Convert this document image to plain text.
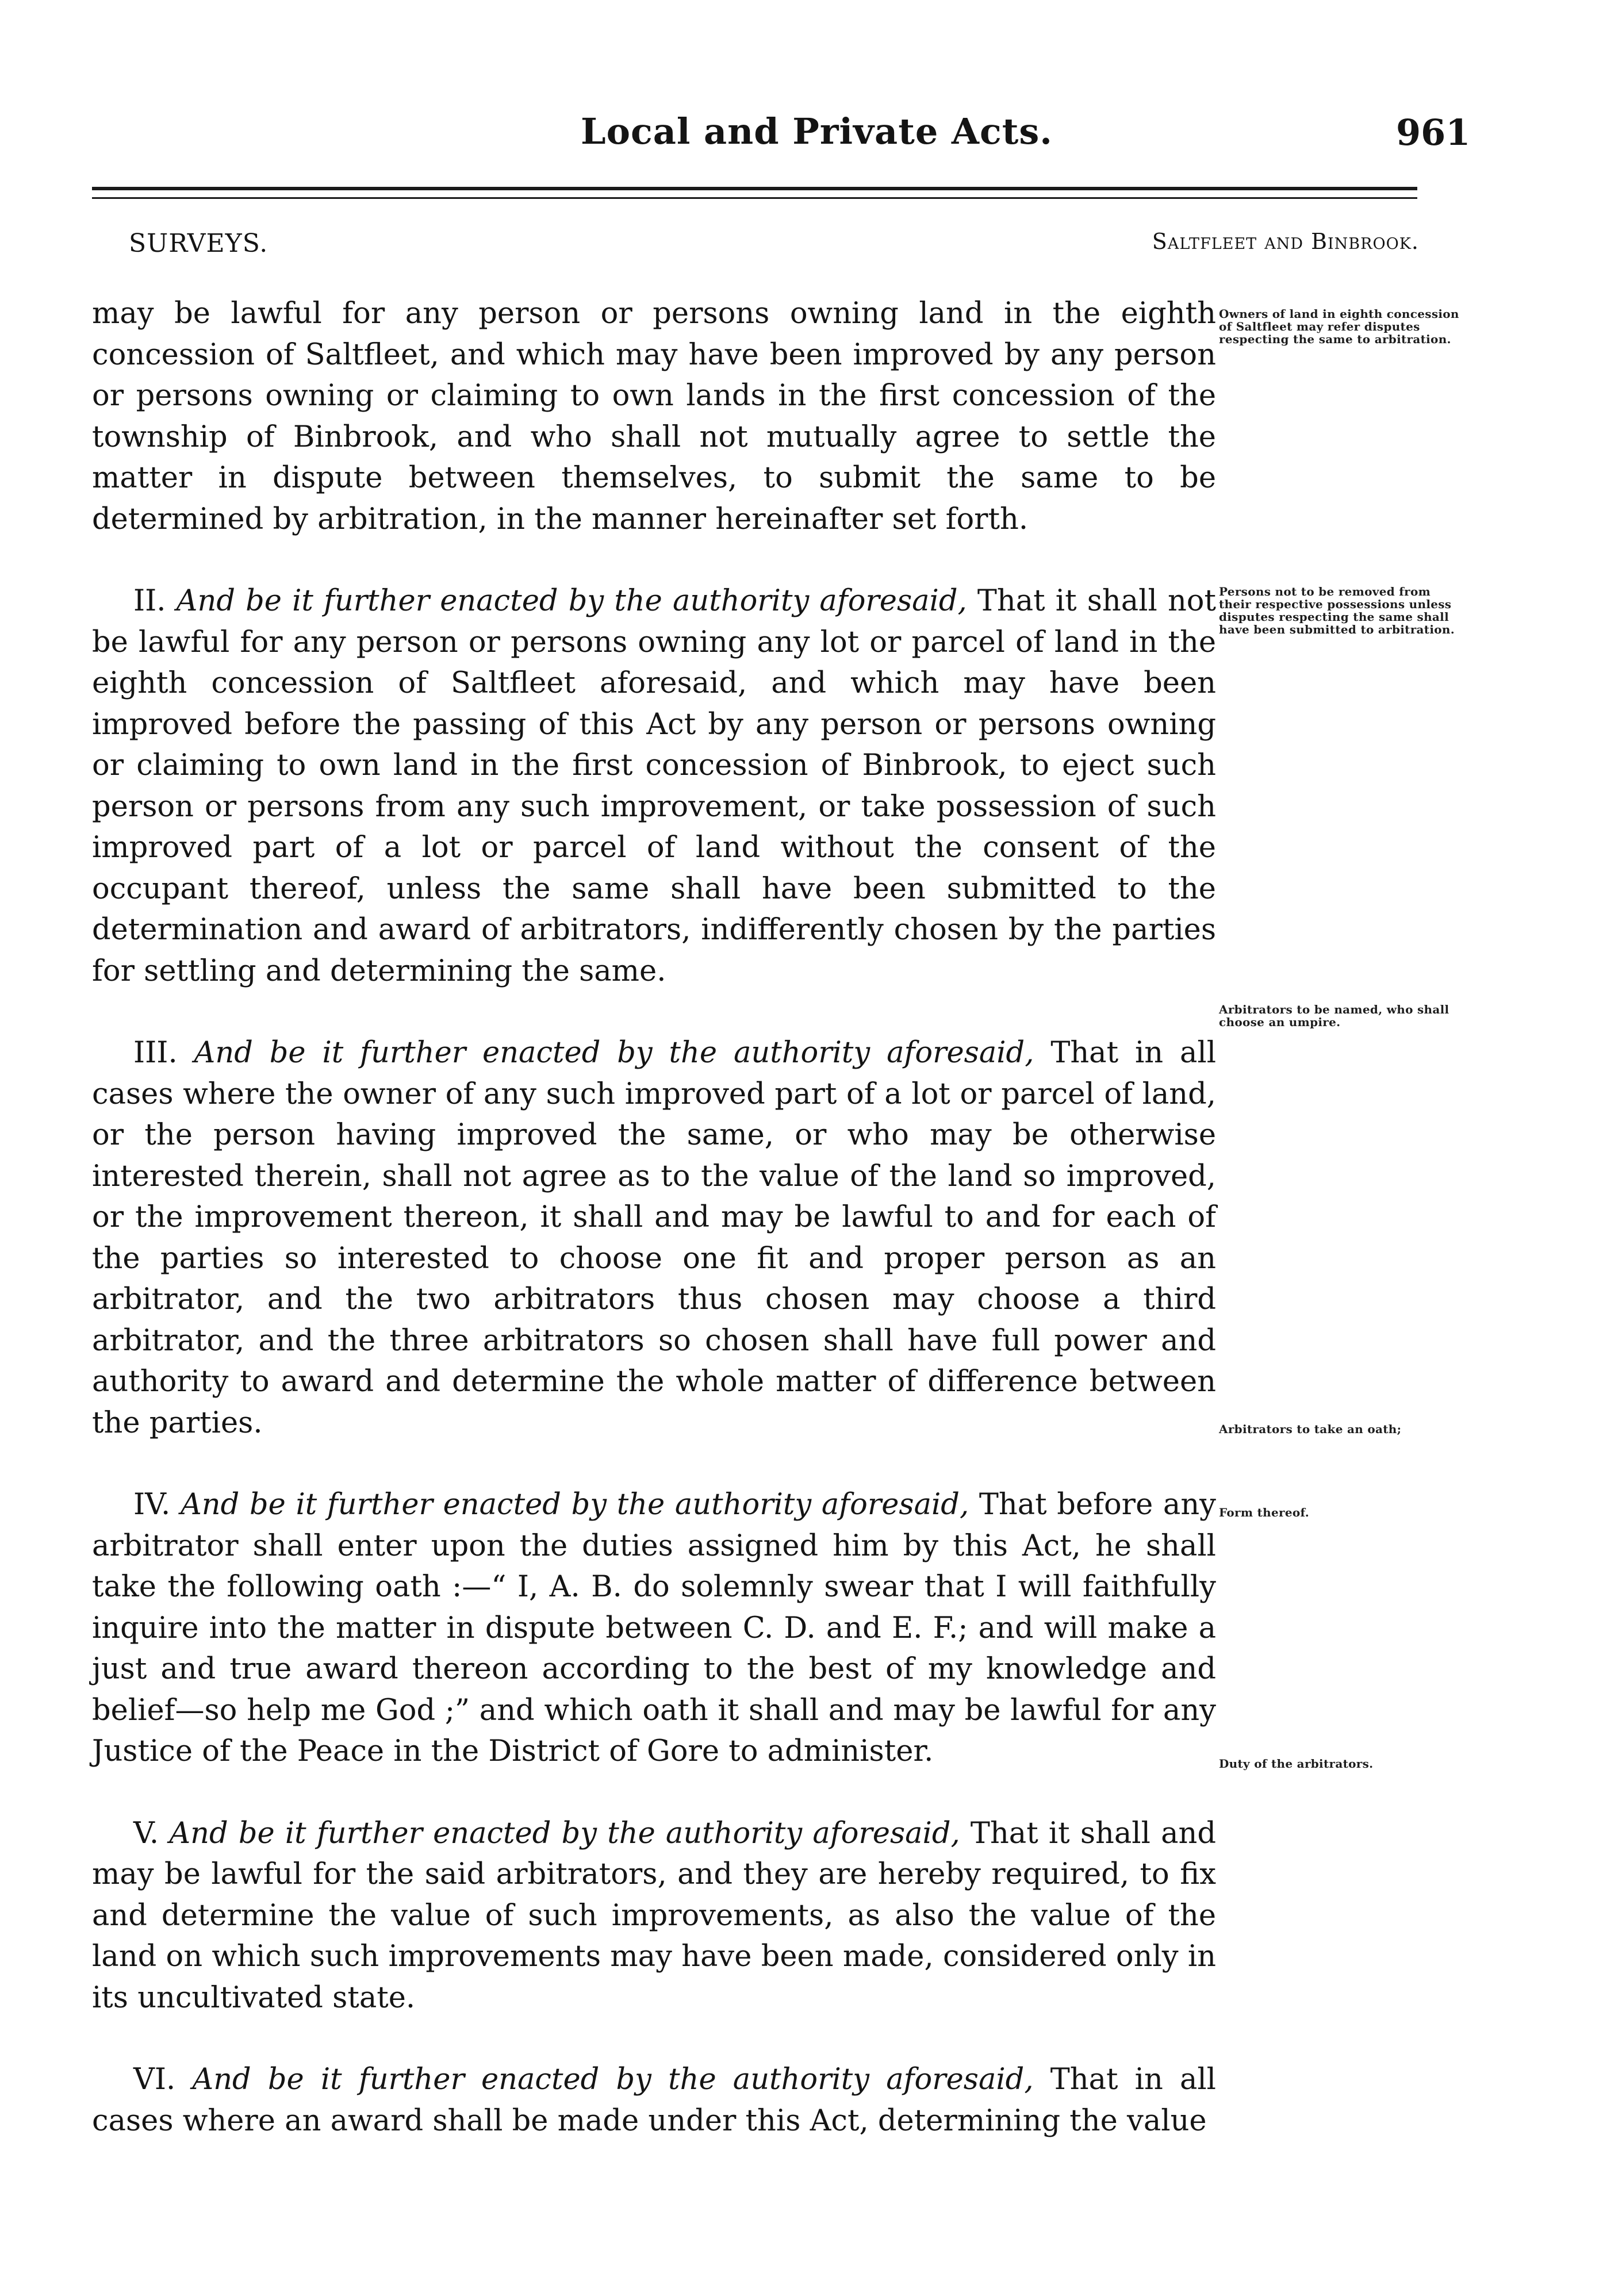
Local and Private Acts.	961
SURVEYS.	Saltfleet and Binbrook.

may be lawful for any person or persons owning land in the eighth concession of Saltfleet, and which may have been improved by any person or persons owning or claiming to own lands in the first concession of the township of Binbrook, and who shall not mutually agree to settle the matter in dispute between themselves, to submit the same to be determined by arbitration, in the manner hereinafter set forth.

II. And be it further enacted by the authority aforesaid, That it shall not be lawful for any person or persons owning any lot or parcel of land in the eighth concession of Saltfleet aforesaid, and which may have been improved before the passing of this Act by any person or persons owning or claiming to own land in the first concession of Binbrook, to eject such person or persons from any such improvement, or take possession of such improved part of a lot or parcel of land without the consent of the occupant thereof, unless the same shall have been submitted to the determination and award of arbitrators, indifferently chosen by the parties for settling and determining the same.

III. And be it further enacted by the authority aforesaid, That in all cases where the owner of any such improved part of a lot or parcel of land, or the person having improved the same, or who may be otherwise interested therein, shall not agree as to the value of the land so improved, or the improvement thereon, it shall and may be lawful to and for each of the parties so interested to choose one fit and proper person as an arbitrator, and the two arbitrators thus chosen may choose a third arbitrator, and the three arbitrators so chosen shall have full power and authority to award and determine the whole matter of difference between the parties.

IV. And be it further enacted by the authority aforesaid, That before any arbitrator shall enter upon the duties assigned him by this Act, he shall take the following oath :—“ I, A. B. do solemnly swear that I will faithfully inquire into the matter in dispute between C. D. and E. F.; and will make a just and true award thereon according to the best of my knowledge and belief—so help me God ;” and which oath it shall and may be lawful for any Justice of the Peace in the District of Gore to administer.

V. And be it further enacted by the authority aforesaid, That it shall and may be lawful for the said arbitrators, and they are hereby required, to fix and determine the value of such improvements, as also the value of the land on which such improvements may have been made, considered only in its uncultivated state.

VI. And be it further enacted by the authority aforesaid, That in all cases where an award shall be made under this Act, determining the value

Owners of land in eighth concession of Saltfleet may refer disputes respecting the same to arbitration.
Persons not to be removed from their respective possessions unless disputes respecting the same shall have been submitted to arbitration.
Arbitrators to be named, who shall choose an umpire.
Arbitrators to take an oath;
Form thereof.
Duty of the arbitrators.
